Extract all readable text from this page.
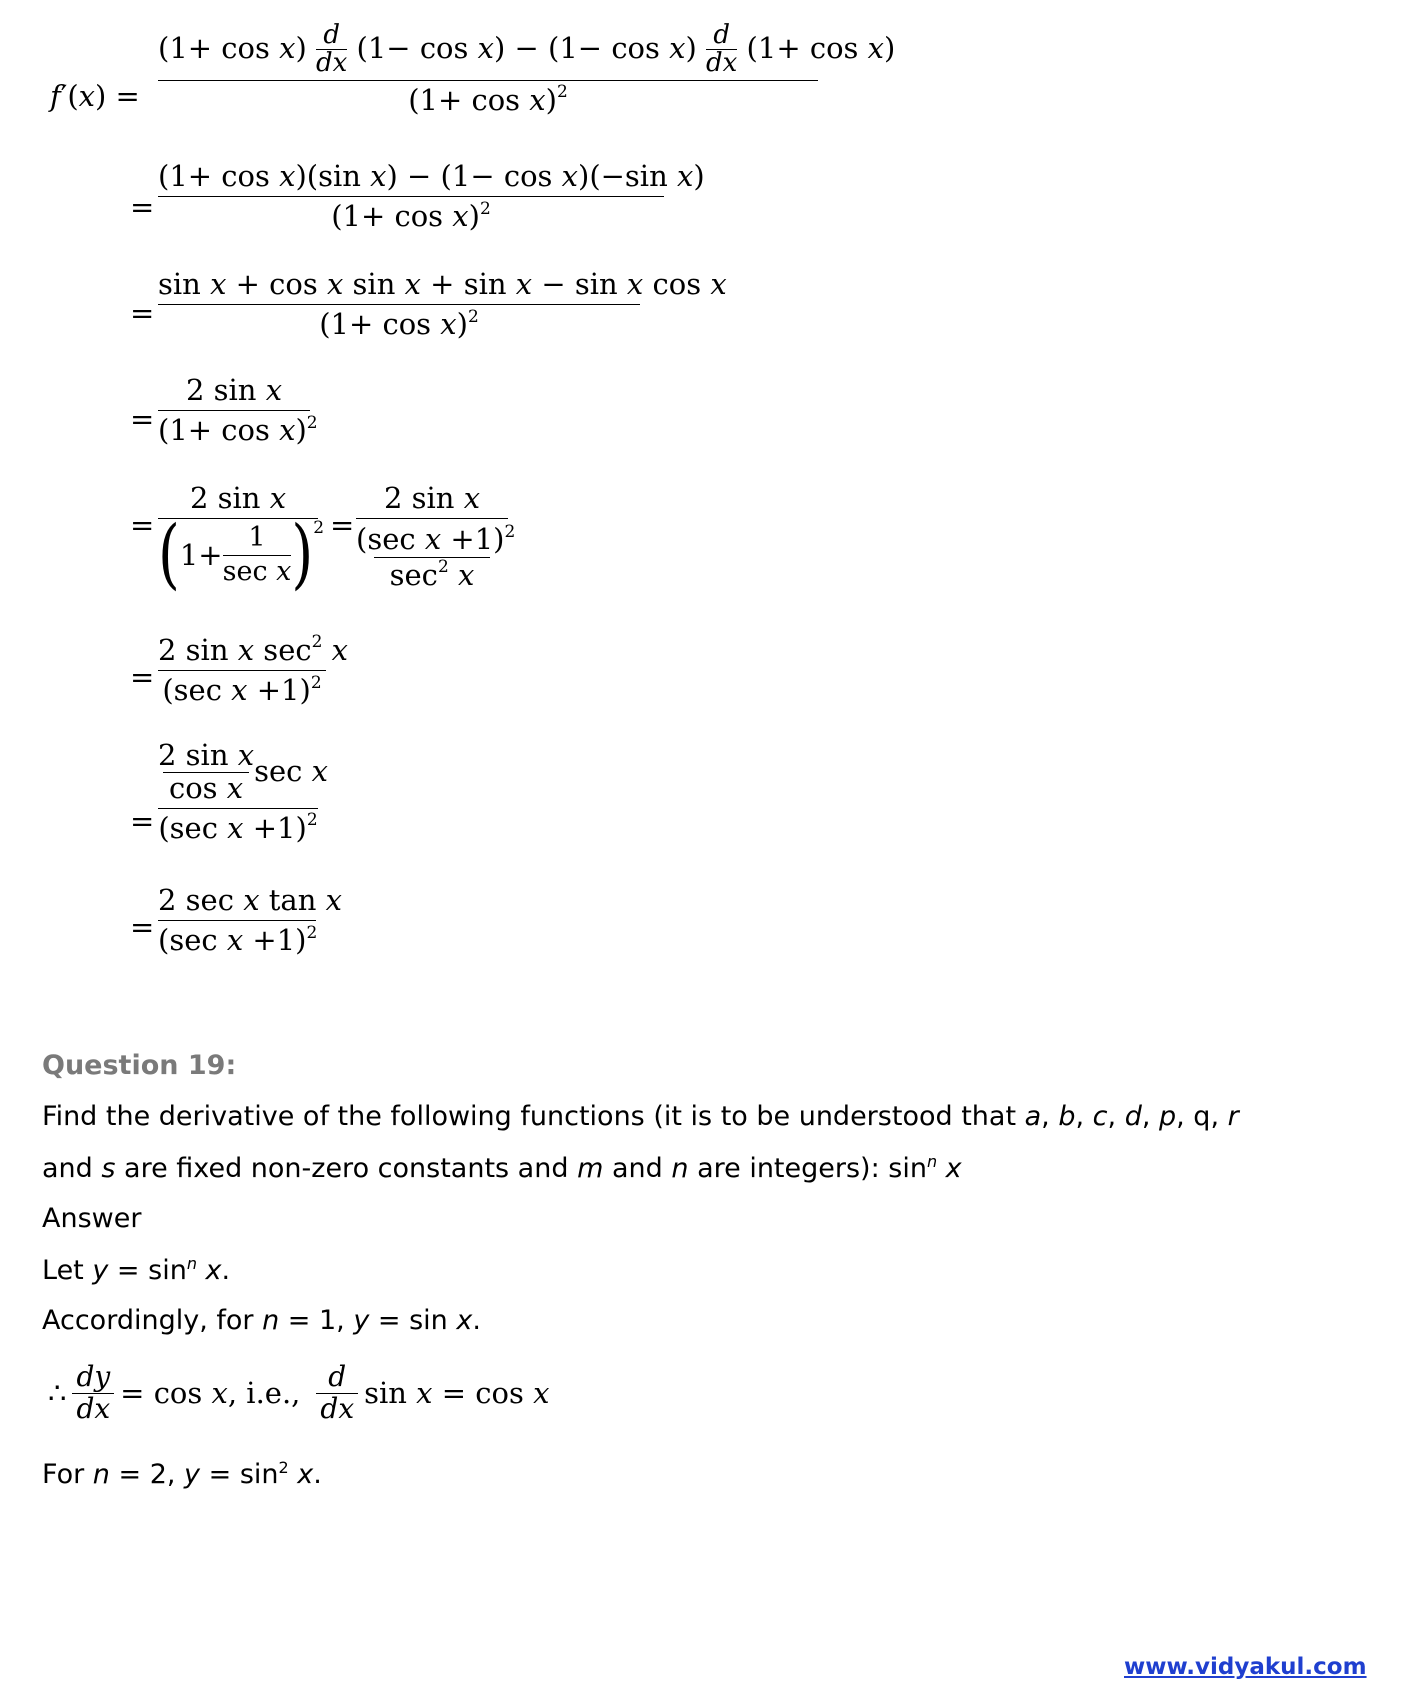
f′(x) =
$(1+ \cos x) \frac{d}{dx} (1- \cos x) - (1- \cos x) \frac{d}{dx} (1+ \cos x)$
$(1+ \cos x)^2$
=
(1+ cos x)(sin x) − (1− cos x)(−sin x)
$(1+ \cos x)^2$
=
sin x + cos x sin x + sin x − sin x cos x
$(1+ \cos x)^2$
=
2 sin x
$(1+ \cos x)^2$
=
2 sin x
(1+ 1
sec x)$^2$ =
2 sin x
(sec x +1)$^2$
$\sec^2 x$
=
2 sin x $\sec^2 x$
(sec x +1)$^2$
=
$\frac{\text{2 sin x}}{\text{cos x}}\sec$ x
(sec x +1)$^2$
=
2 sec x tan x
(sec x +1)$^2$
Question 19:
Find the derivative of the following functions (it is to be understood that a, b, c, d, p, q, r
and s are fixed non-zero constants and m and n are integers): $\sin^n x$
Answer
Let $y = \sin^n x$.
Accordingly, for n = 1, y = sin x.
∴ $\frac{dy}{dx} = \cos x$, i.e., d
dx sin x = cos x
For n = 2, $y = \sin^2 x$.
www.vidyakul.com
